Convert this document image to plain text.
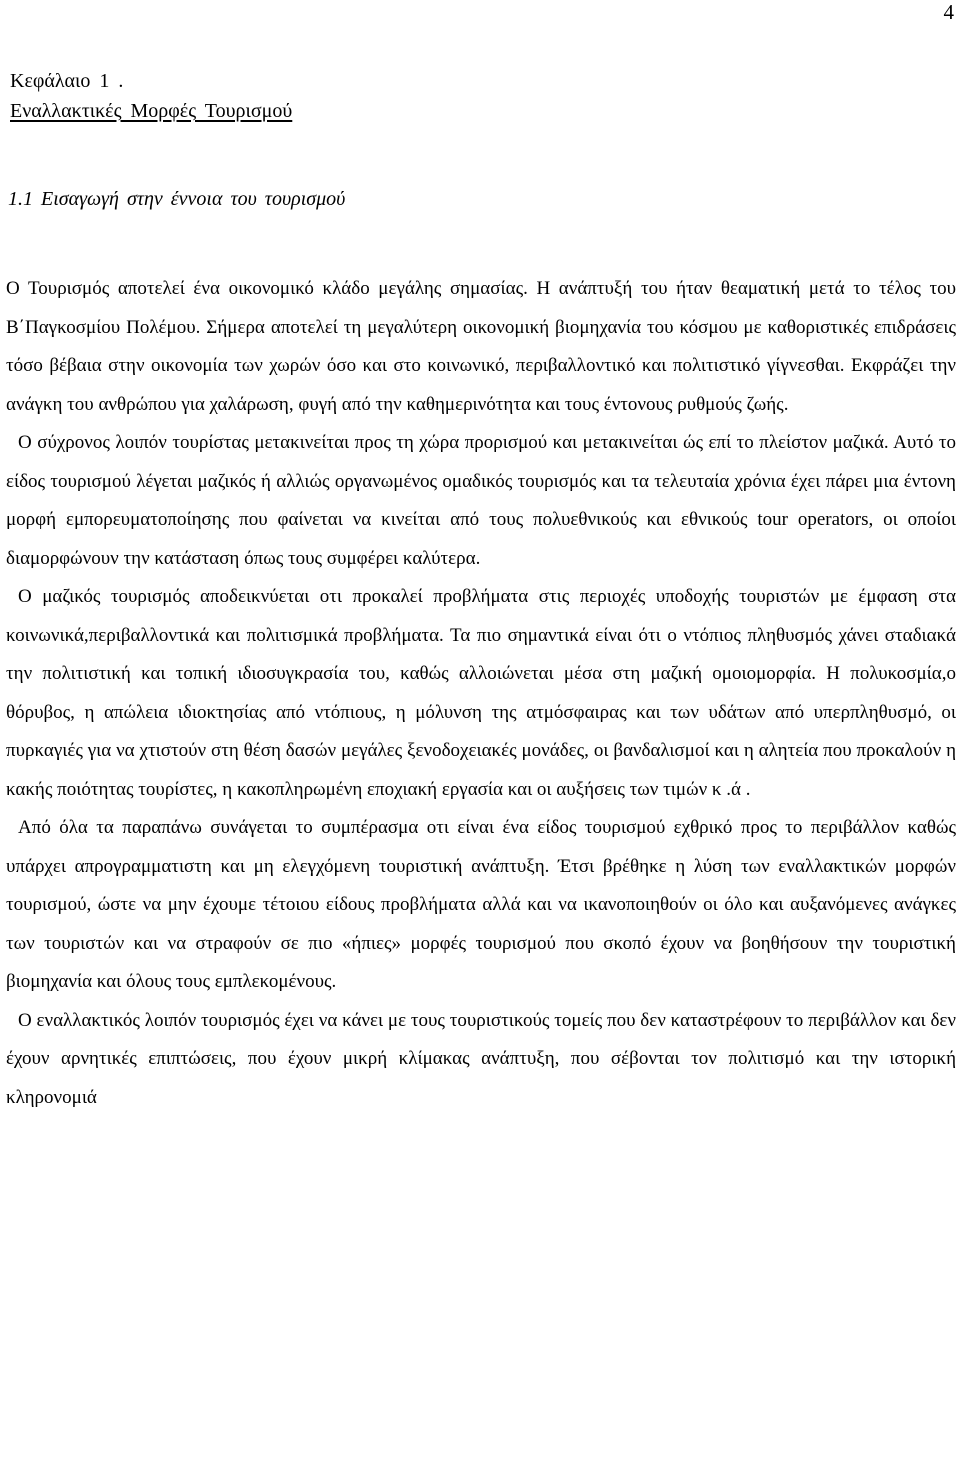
4
Κεφάλαιο 1 .
Εναλλακτικές Μορφές Τουρισμού
1.1 Εισαγωγή στην έννοια του τουρισμού

Ο Τουρισμός αποτελεί ένα οικονομικό κλάδο μεγάλης σημασίας. Η ανάπτυξή του ήταν θεαματική μετά το τέλος του Β΄Παγκοσμίου Πολέμου. Σήμερα αποτελεί τη μεγαλύτερη οικονομική βιομηχανία του κόσμου με καθοριστικές επιδράσεις τόσο βέβαια στην οικονομία των χωρών όσο και στο κοινωνικό, περιβαλλοντικό και πολιτιστικό γίγνεσθαι. Εκφράζει την ανάγκη του ανθρώπου για χαλάρωση, φυγή από την καθημερινότητα και τους έντονους ρυθμούς ζωής.

Ο σύχρονος λοιπόν τουρίστας μετακινείται προς τη χώρα προρισμού και μετακινείται ώς επί το πλείστον μαζικά. Αυτό το είδος τουρισμού λέγεται μαζικός ή αλλιώς οργανωμένος ομαδικός τουρισμός και τα τελευταία χρόνια έχει πάρει μια έντονη μορφή εμπορευματοποίησης που φαίνεται να κινείται από τους πολυεθνικούς και εθνικούς tour operators, οι οποίοι διαμορφώνουν την κατάσταση όπως τους συμφέρει καλύτερα.

Ο μαζικός τουρισμός αποδεικνύεται οτι προκαλεί προβλήματα στις περιοχές υποδοχής τουριστών με έμφαση στα κοινωνικά,περιβαλλοντικά και πολιτισμικά προβλήματα. Τα πιο σημαντικά είναι ότι ο ντόπιος πληθυσμός χάνει σταδιακά την πολιτιστική και τοπική ιδιοσυγκρασία του, καθώς αλλοιώνεται μέσα στη μαζική ομοιομορφία. Η πολυκοσμία,ο θόρυβος, η απώλεια ιδιοκτησίας από ντόπιους, η μόλυνση της ατμόσφαιρας και των υδάτων από υπερπληθυσμό, οι πυρκαγιές για να χτιστούν στη θέση δασών μεγάλες ξενοδοχειακές μονάδες, οι βανδαλισμοί και η αλητεία που προκαλούν η κακής ποιότητας τουρίστες, η κακοπληρωμένη εποχιακή εργασία και οι αυξήσεις των τιμών κ .ά .

Από όλα τα παραπάνω συνάγεται το συμπέρασμα οτι είναι ένα είδος τουρισμού εχθρικό προς το περιβάλλον καθώς υπάρχει απρογραμματιστη και μη ελεγχόμενη τουριστική ανάπτυξη. Έτσι βρέθηκε η λύση των εναλλακτικών μορφών τουρισμού, ώστε να μην έχουμε τέτοιου είδους προβλήματα αλλά και να ικανοποιηθούν οι όλο και αυξανόμενες ανάγκες των τουριστών και να στραφούν σε πιο «ήπιες» μορφές τουρισμού που σκοπό έχουν να βοηθήσουν την τουριστική βιομηχανία και όλους τους εμπλεκομένους.

Ο εναλλακτικός λοιπόν τουρισμός έχει να κάνει με τους τουριστικούς τομείς που δεν καταστρέφουν το περιβάλλον και δεν έχουν αρνητικές επιπτώσεις, που έχουν μικρή κλίμακας ανάπτυξη, που σέβονται τον πολιτισμό και την ιστορική κληρονομιά
